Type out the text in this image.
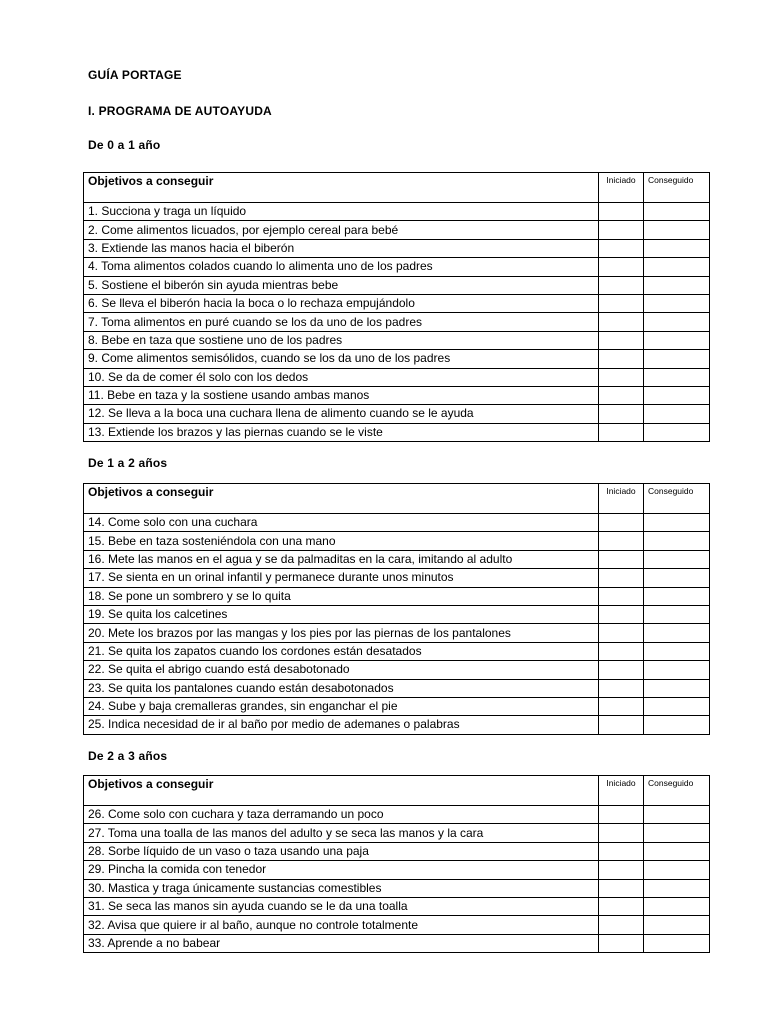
GUÍA PORTAGE
I. PROGRAMA DE AUTOAYUDA
De 0 a 1 año
Objetivos a conseguir	Iniciado	Conseguido
1. Succiona y traga un líquido		
2. Come alimentos licuados, por ejemplo cereal para bebé		
3. Extiende las manos hacia el biberón		
4. Toma alimentos colados cuando lo alimenta uno de los padres		
5. Sostiene el biberón sin ayuda mientras bebe		
6. Se lleva el biberón hacia la boca o lo rechaza empujándolo		
7. Toma alimentos en puré cuando se los da uno de los padres		
8. Bebe en taza que sostiene uno de los padres		
9. Come alimentos semisólidos, cuando se los da uno de los padres		
10. Se da de comer él solo con los dedos		
11. Bebe en taza y la sostiene usando ambas manos		
12. Se lleva a la boca una cuchara llena de alimento cuando se le ayuda		
13. Extiende los brazos y las piernas cuando se le viste		
De 1 a 2 años
Objetivos a conseguir	Iniciado	Conseguido
14. Come solo con una cuchara		
15. Bebe en taza sosteniéndola con una mano		
16. Mete las manos en el agua y se da palmaditas en la cara, imitando al adulto		
17. Se sienta en un orinal infantil y permanece durante unos minutos		
18. Se pone un sombrero y se lo quita		
19. Se quita los calcetines		
20. Mete los brazos por las mangas y los pies por las piernas de los pantalones		
21. Se quita los zapatos cuando los cordones están desatados		
22. Se quita el abrigo cuando está desabotonado		
23. Se quita los pantalones cuando están desabotonados		
24. Sube y baja cremalleras grandes, sin enganchar el pie		
25. Indica necesidad de ir al baño por medio de ademanes o palabras		
De 2 a 3 años
Objetivos a conseguir	Iniciado	Conseguido
26. Come solo con cuchara y taza derramando un poco		
27. Toma una toalla de las manos del adulto y se seca las manos y la cara		
28. Sorbe líquido de un vaso o taza usando una paja		
29. Pincha la comida con tenedor		
30. Mastica y traga únicamente sustancias comestibles		
31. Se seca las manos sin ayuda cuando se le da una toalla		
32. Avisa que quiere ir al baño, aunque no controle totalmente		
33. Aprende a no babear		
